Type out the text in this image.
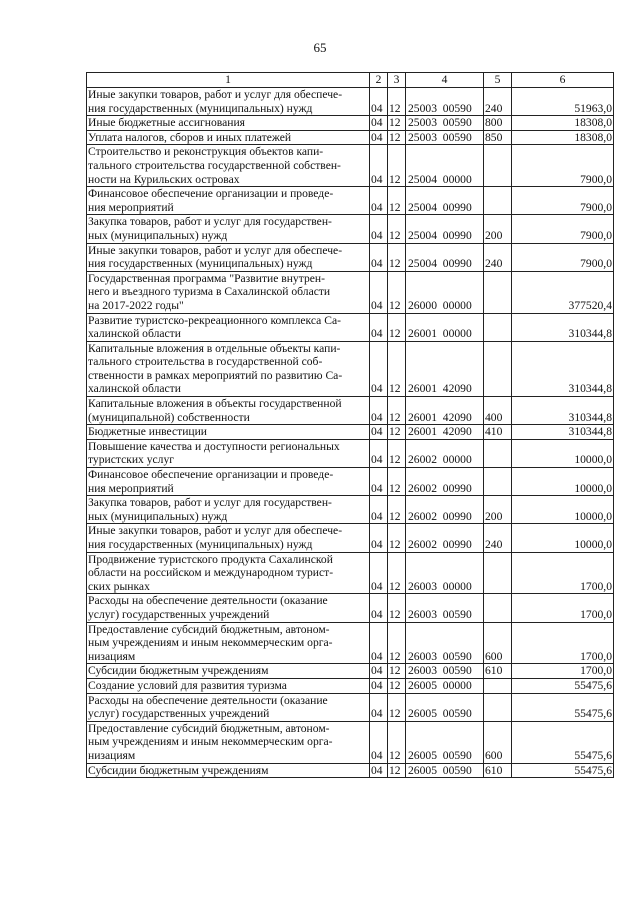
65
1	2	3	4	5	6
Иные закупки товаров, работ и услуг для обеспече-
ния государственных (муниципальных) нужд	04	12	25003  00590	240	51963,0
Иные бюджетные ассигнования	04	12	25003  00590	800	18308,0
Уплата налогов, сборов и иных платежей	04	12	25003  00590	850	18308,0
Строительство и реконструкция объектов капи-
тального строительства государственной собствен-
ности на Курильских островах	04	12	25004  00000		7900,0
Финансовое обеспечение организации и проведе-
ния мероприятий	04	12	25004  00990		7900,0
Закупка товаров, работ и услуг для государствен-
ных (муниципальных) нужд	04	12	25004  00990	200	7900,0
Иные закупки товаров, работ и услуг для обеспече-
ния государственных (муниципальных) нужд	04	12	25004  00990	240	7900,0
Государственная программа "Развитие внутрен-
него и въездного туризма в Сахалинской области
на 2017-2022 годы"	04	12	26000  00000		377520,4
Развитие туристско-рекреационного комплекса Са-
халинской области	04	12	26001  00000		310344,8
Капитальные вложения в отдельные объекты капи-
тального строительства в государственной соб-
ственности в рамках мероприятий по развитию Са-
халинской области	04	12	26001  42090		310344,8
Капитальные вложения в объекты государственной
(муниципальной) собственности	04	12	26001  42090	400	310344,8
Бюджетные инвестиции	04	12	26001  42090	410	310344,8
Повышение качества и доступности региональных
туристских услуг	04	12	26002  00000		10000,0
Финансовое обеспечение организации и проведе-
ния мероприятий	04	12	26002  00990		10000,0
Закупка товаров, работ и услуг для государствен-
ных (муниципальных) нужд	04	12	26002  00990	200	10000,0
Иные закупки товаров, работ и услуг для обеспече-
ния государственных (муниципальных) нужд	04	12	26002  00990	240	10000,0
Продвижение туристского продукта Сахалинской
области на российском и международном турист-
ских рынках	04	12	26003  00000		1700,0
Расходы на обеспечение деятельности (оказание
услуг) государственных учреждений	04	12	26003  00590		1700,0
Предоставление субсидий бюджетным, автоном-
ным учреждениям и иным некоммерческим орга-
низациям	04	12	26003  00590	600	1700,0
Субсидии бюджетным учреждениям	04	12	26003  00590	610	1700,0
Создание условий для развития туризма	04	12	26005  00000		55475,6
Расходы на обеспечение деятельности (оказание
услуг) государственных учреждений	04	12	26005  00590		55475,6
Предоставление субсидий бюджетным, автоном-
ным учреждениям и иным некоммерческим орга-
низациям	04	12	26005  00590	600	55475,6
Субсидии бюджетным учреждениям	04	12	26005  00590	610	55475,6
